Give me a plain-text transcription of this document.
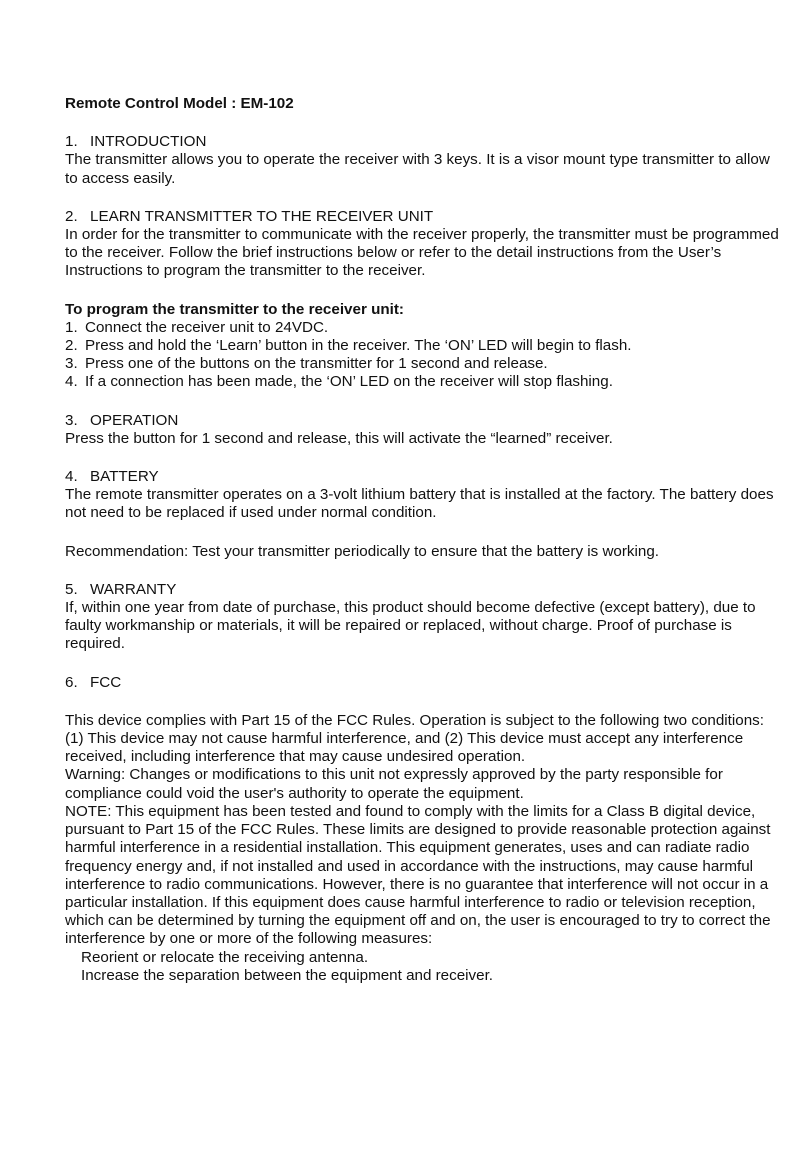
Remote Control Model : EM-102

1. INTRODUCTION

The transmitter allows you to operate the receiver with 3 keys. It is a visor mount type transmitter to allow to access easily.

2. LEARN TRANSMITTER TO THE RECEIVER UNIT

In order for the transmitter to communicate with the receiver properly, the transmitter must be programmed to the receiver. Follow the brief instructions below or refer to the detail instructions from the User’s Instructions to program the transmitter to the receiver.

To program the transmitter to the receiver unit:

1. Connect the receiver unit to 24VDC.
2. Press and hold the ‘Learn’ button in the receiver. The ‘ON’ LED will begin to flash.
3. Press one of the buttons on the transmitter for 1 second and release.
4. If a connection has been made, the ‘ON’ LED on the receiver will stop flashing.

3. OPERATION

Press the button for 1 second and release, this will activate the “learned” receiver.

4. BATTERY

The remote transmitter operates on a 3-volt lithium battery that is installed at the factory. The battery does not need to be replaced if used under normal condition.

Recommendation: Test your transmitter periodically to ensure that the battery is working.

5. WARRANTY

If, within one year from date of purchase, this product should become defective (except battery), due to faulty workmanship or materials, it will be repaired or replaced, without charge. Proof of purchase is required.

6. FCC

This device complies with Part 15 of the FCC Rules. Operation is subject to the following two conditions: (1) This device may not cause harmful interference, and (2) This device must accept any interference received, including interference that may cause undesired operation.

Warning: Changes or modifications to this unit not expressly approved by the party responsible for compliance could void the user's authority to operate the equipment.

NOTE: This equipment has been tested and found to comply with the limits for a Class B digital device, pursuant to Part 15 of the FCC Rules. These limits are designed to provide reasonable protection against harmful interference in a residential installation. This equipment generates, uses and can radiate radio frequency energy and, if not installed and used in accordance with the instructions, may cause harmful interference to radio communications. However, there is no guarantee that interference will not occur in a particular installation. If this equipment does cause harmful interference to radio or television reception, which can be determined by turning the equipment off and on, the user is encouraged to try to correct the interference by one or more of the following measures:

Reorient or relocate the receiving antenna.

Increase the separation between the equipment and receiver.
